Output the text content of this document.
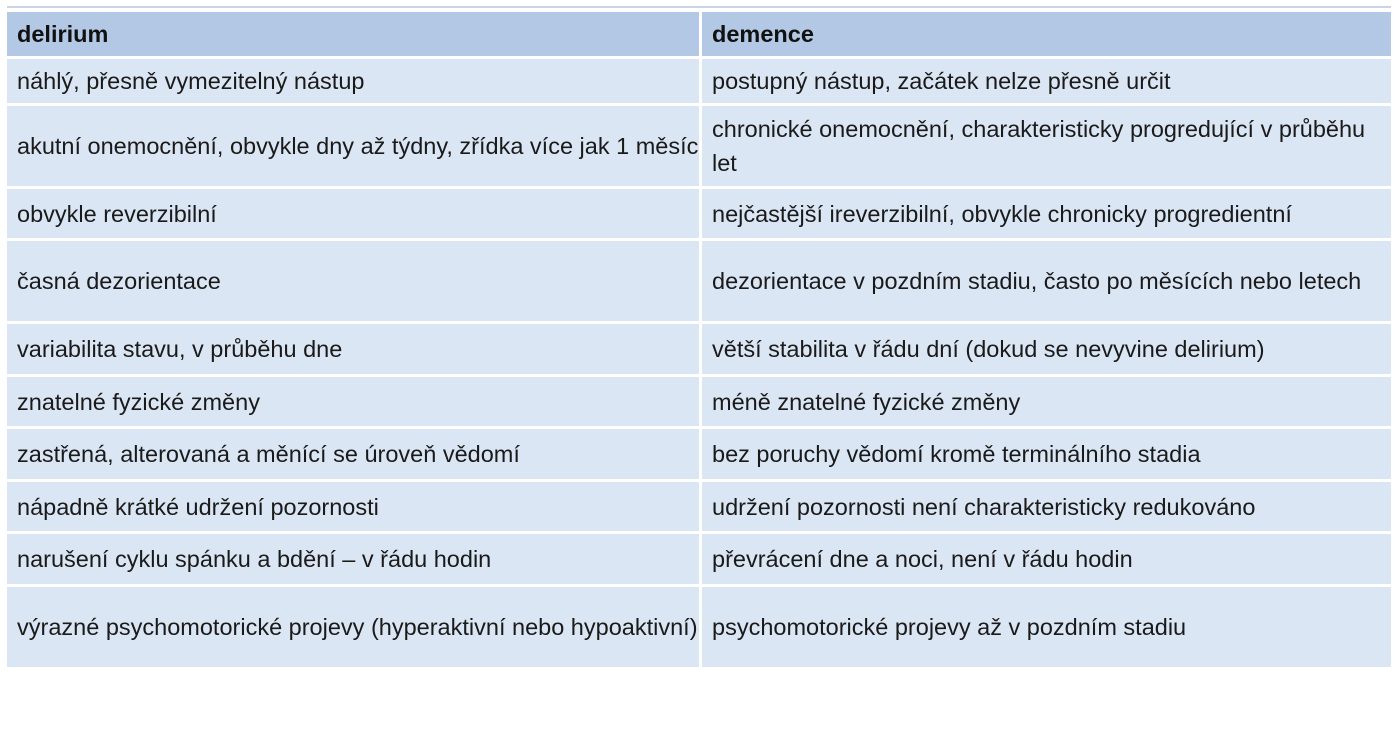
delirium	demence
náhlý, přesně vymezitelný nástup	postupný nástup, začátek nelze přesně určit
akutní onemocnění, obvykle dny až týdny, zřídka více jak 1 měsíc	chronické onemocnění, charakteristicky progredující v průběhu let
obvykle reverzibilní	nejčastější ireverzibilní, obvykle chronicky progredientní
časná dezorientace	dezorientace v pozdním stadiu, často po měsících nebo letech
variabilita stavu, v průběhu dne	větší stabilita v řádu dní (dokud se nevyvine delirium)
znatelné fyzické změny	méně znatelné fyzické změny
zastřená, alterovaná a měnící se úroveň vědomí	bez poruchy vědomí kromě terminálního stadia
nápadně krátké udržení pozornosti	udržení pozornosti není charakteristicky redukováno
narušení cyklu spánku a bdění – v řádu hodin	převrácení dne a noci, není v řádu hodin
výrazné psychomotorické projevy (hyperaktivní nebo hypoaktivní)	psychomotorické projevy až v pozdním stadiu
